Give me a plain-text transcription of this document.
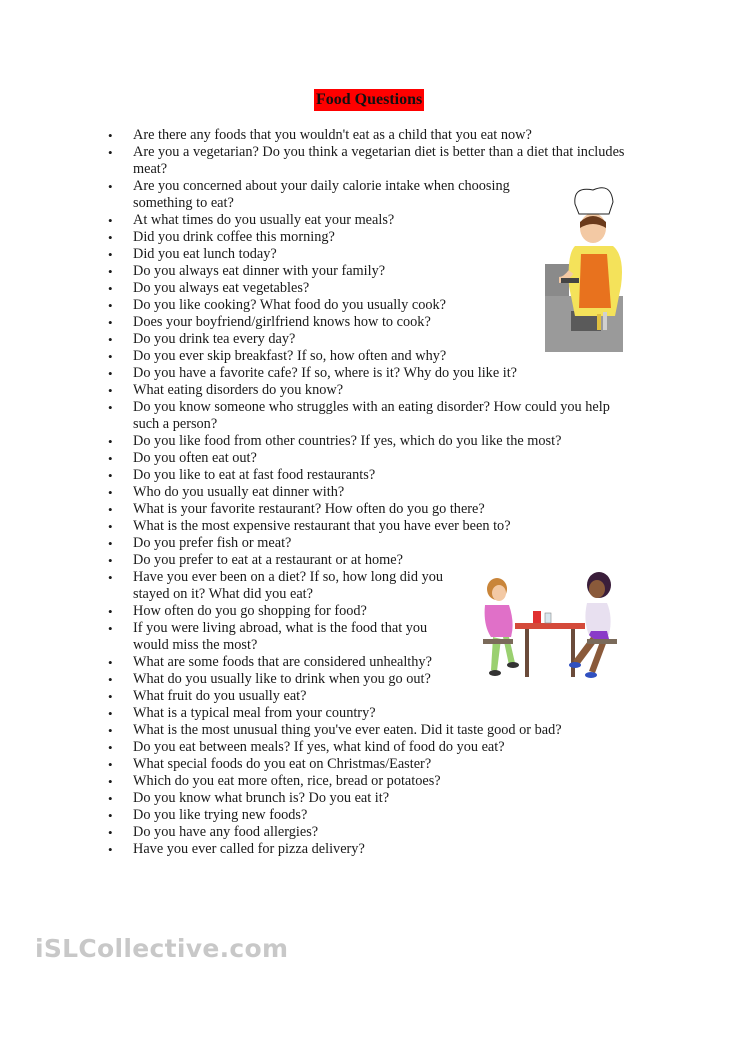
Food Questions
• Are there any foods that you wouldn't eat as a child that you eat now?
• Are you a vegetarian? Do you think a vegetarian diet is better than a diet that includes meat?
• Are you concerned about your daily calorie intake when choosing something to eat?
• At what times do you usually eat your meals?
• Did you drink coffee this morning?
• Did you eat lunch today?
• Do you always eat dinner with your family?
• Do you always eat vegetables?
• Do you like cooking? What food do you usually cook?
• Does your boyfriend/girlfriend knows how to cook?
• Do you drink tea every day?
• Do you ever skip breakfast? If so, how often and why?
• Do you have a favorite cafe? If so, where is it? Why do you like it?
• What eating disorders do you know?
• Do you know someone who struggles with an eating disorder? How could you help such a person?
• Do you like food from other countries? If yes, which do you like the most?
• Do you often eat out?
• Do you like to eat at fast food restaurants?
• Who do you usually eat dinner with?
• What is your favorite restaurant? How often do you go there?
• What is the most expensive restaurant that you have ever been to?
• Do you prefer fish or meat?
• Do you prefer to eat at a restaurant or at home?
• Have you ever been on a diet? If so, how long did you stayed on it? What did you eat?
• How often do you go shopping for food?
• If you were living abroad, what is the food that you would miss the most?
• What are some foods that are considered unhealthy?
• What do you usually like to drink when you go out?
• What fruit do you usually eat?
• What is a typical meal from your country?
• What is the most unusual thing you've ever eaten. Did it taste good or bad?
• Do you eat between meals? If yes, what kind of food do you eat?
• What special foods do you eat on Christmas/Easter?
• Which do you eat more often, rice, bread or potatoes?
• Do you know what brunch is? Do you eat it?
• Do you like trying new foods?
• Do you have any food allergies?
• Have you ever called for pizza delivery?
iSLCollective.com
